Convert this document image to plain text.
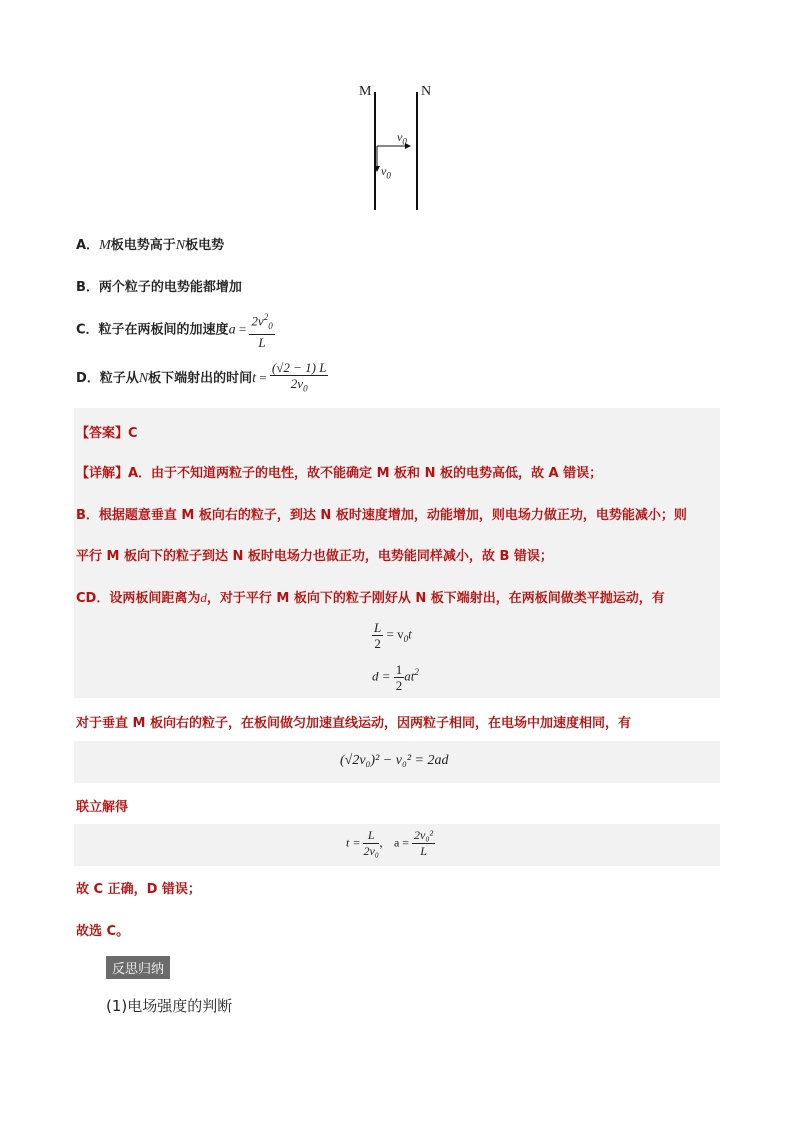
M	N
$v_0$
$v_0$
A．M板电势高于N板电势
B．两个粒子的电势能都增加
C．粒子在两板间的加速度$a = \frac{2v^2_0}{L}$
D．粒子从N板下端射出的时间$t = \frac{(√2 - 1) L}{2v_0}$
【答案】C
【详解】A．由于不知道两粒子的电性，故不能确定 M 板和 N 板的电势高低，故 A 错误；
B．根据题意垂直 M 板向右的粒子，到达 N 板时速度增加，动能增加，则电场力做正功，电势能减小；则
平行 M 板向下的粒子到达 N 板时电场力也做正功，电势能同样减小，故 B 错误；
CD．设两板间距离为d，对于平行 M 板向下的粒子刚好从 N 板下端射出，在两板间做类平抛运动，有
$\frac{L}{2} = v_0t$
$d = \frac{1}{2} at^2$
对于垂直 M 板向右的粒子，在板间做匀加速直线运动，因两粒子相同，在电场中加速度相同，有
(√2v₀)² − v₀² = 2ad
联立解得
$t = \frac{L}{\text{2v₀}}$ ， $a = \frac{\text{2v₀²}}{L}$
故 C 正确，D 错误；
故选 C。
反思归纳
(1)电场强度的判断
